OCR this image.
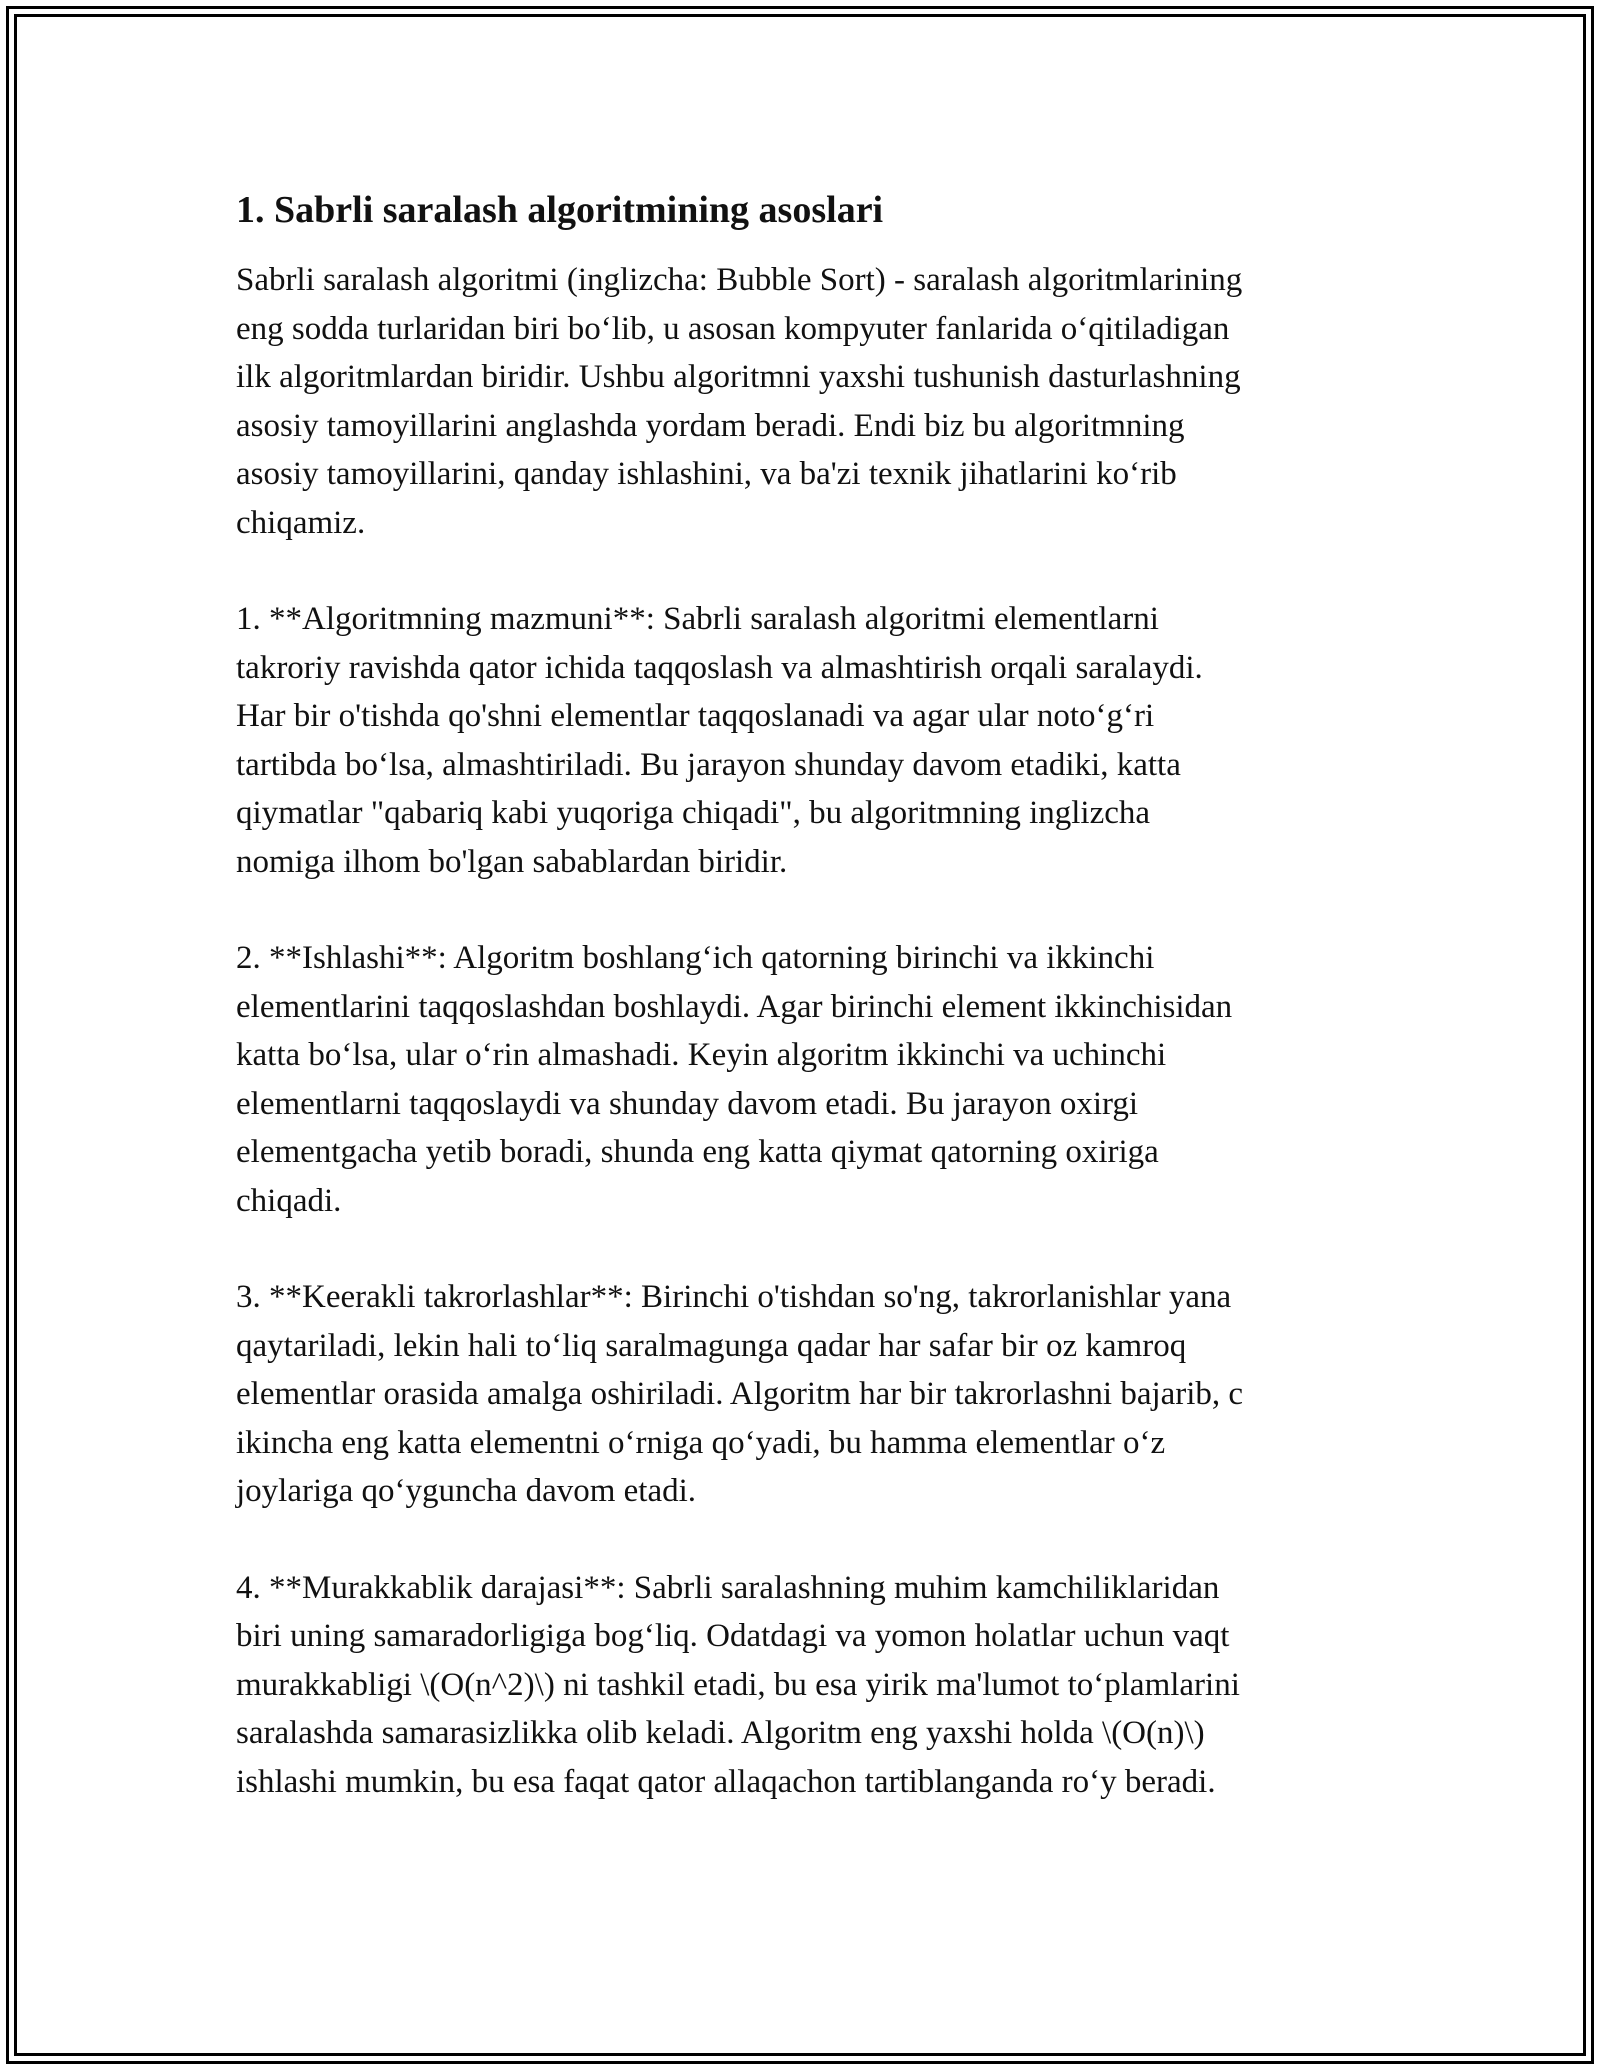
1. Sabrli saralash algoritmining asoslari

Sabrli saralash algoritmi (inglizcha: Bubble Sort) - saralash algoritmlarining
eng sodda turlaridan biri bo‘lib, u asosan kompyuter fanlarida o‘qitiladigan
ilk algoritmlardan biridir. Ushbu algoritmni yaxshi tushunish dasturlashning
asosiy tamoyillarini anglashda yordam beradi. Endi biz bu algoritmning
asosiy tamoyillarini, qanday ishlashini, va ba'zi texnik jihatlarini ko‘rib
chiqamiz.

1. **Algoritmning mazmuni**: Sabrli saralash algoritmi elementlarni
takroriy ravishda qator ichida taqqoslash va almashtirish orqali saralaydi.
Har bir o'tishda qo'shni elementlar taqqoslanadi va agar ular noto‘g‘ri
tartibda bo‘lsa, almashtiriladi. Bu jarayon shunday davom etadiki, katta
qiymatlar "qabariq kabi yuqoriga chiqadi", bu algoritmning inglizcha
nomiga ilhom bo'lgan sabablardan biridir.

2. **Ishlashi**: Algoritm boshlang‘ich qatorning birinchi va ikkinchi
elementlarini taqqoslashdan boshlaydi. Agar birinchi element ikkinchisidan
katta bo‘lsa, ular o‘rin almashadi. Keyin algoritm ikkinchi va uchinchi
elementlarni taqqoslaydi va shunday davom etadi. Bu jarayon oxirgi
elementgacha yetib boradi, shunda eng katta qiymat qatorning oxiriga
chiqadi.

3. **Keerakli takrorlashlar**: Birinchi o'tishdan so'ng, takrorlanishlar yana
qaytariladi, lekin hali to‘liq saralmagunga qadar har safar bir oz kamroq
elementlar orasida amalga oshiriladi. Algoritm har bir takrorlashni bajarib, c
ikincha eng katta elementni o‘rniga qo‘yadi, bu hamma elementlar o‘z
joylariga qo‘yguncha davom etadi.

4. **Murakkablik darajasi**: Sabrli saralashning muhim kamchiliklaridan
biri uning samaradorligiga bog‘liq. Odatdagi va yomon holatlar uchun vaqt
murakkabligi \(O(n^2)\) ni tashkil etadi, bu esa yirik ma'lumot to‘plamlarini
saralashda samarasizlikka olib keladi. Algoritm eng yaxshi holda \(O(n)\)
ishlashi mumkin, bu esa faqat qator allaqachon tartiblanganda ro‘y beradi.
